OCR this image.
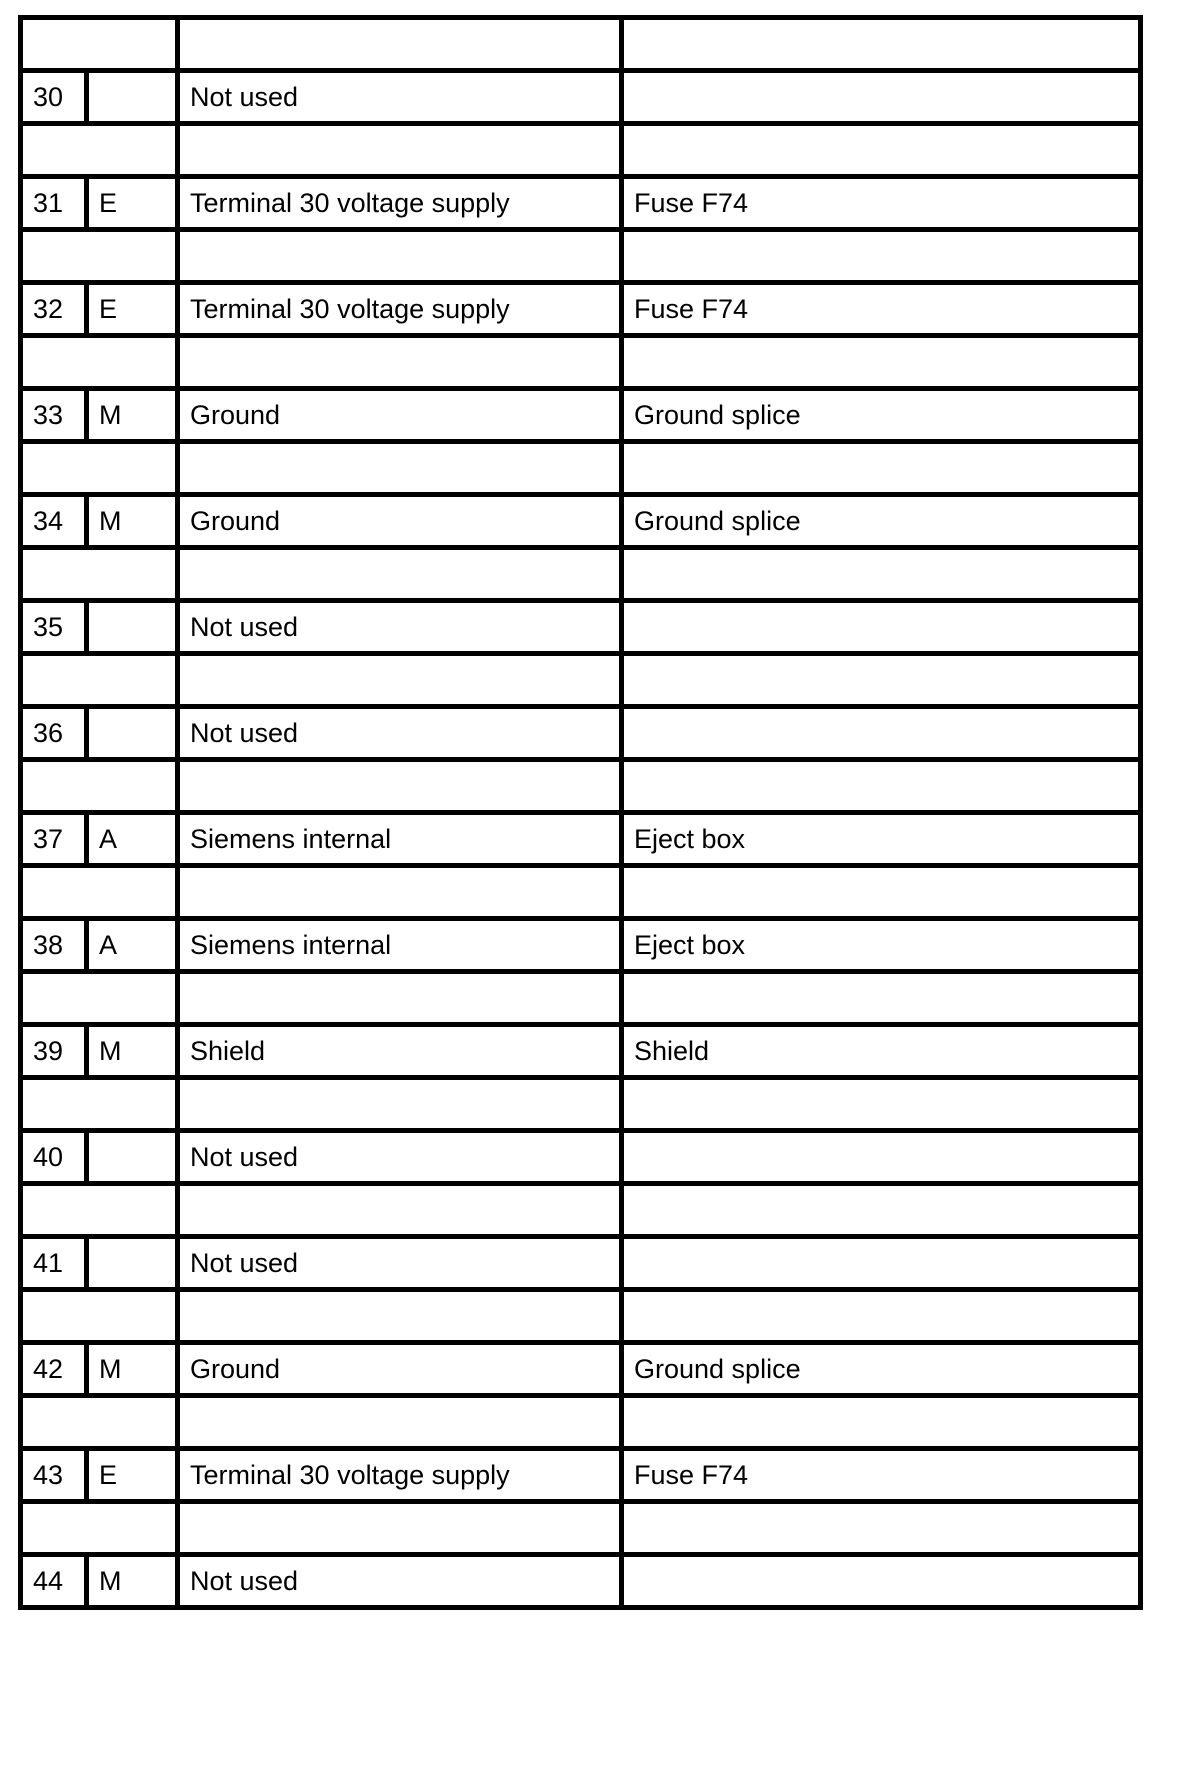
30		Not used	

31	E	Terminal 30 voltage supply	Fuse F74

32	E	Terminal 30 voltage supply	Fuse F74

33	M	Ground	Ground splice

34	M	Ground	Ground splice

35		Not used	

36		Not used	

37	A	Siemens internal	Eject box

38	A	Siemens internal	Eject box

39	M	Shield	Shield

40		Not used	

41		Not used	

42	M	Ground	Ground splice

43	E	Terminal 30 voltage supply	Fuse F74

44	M	Not used	
